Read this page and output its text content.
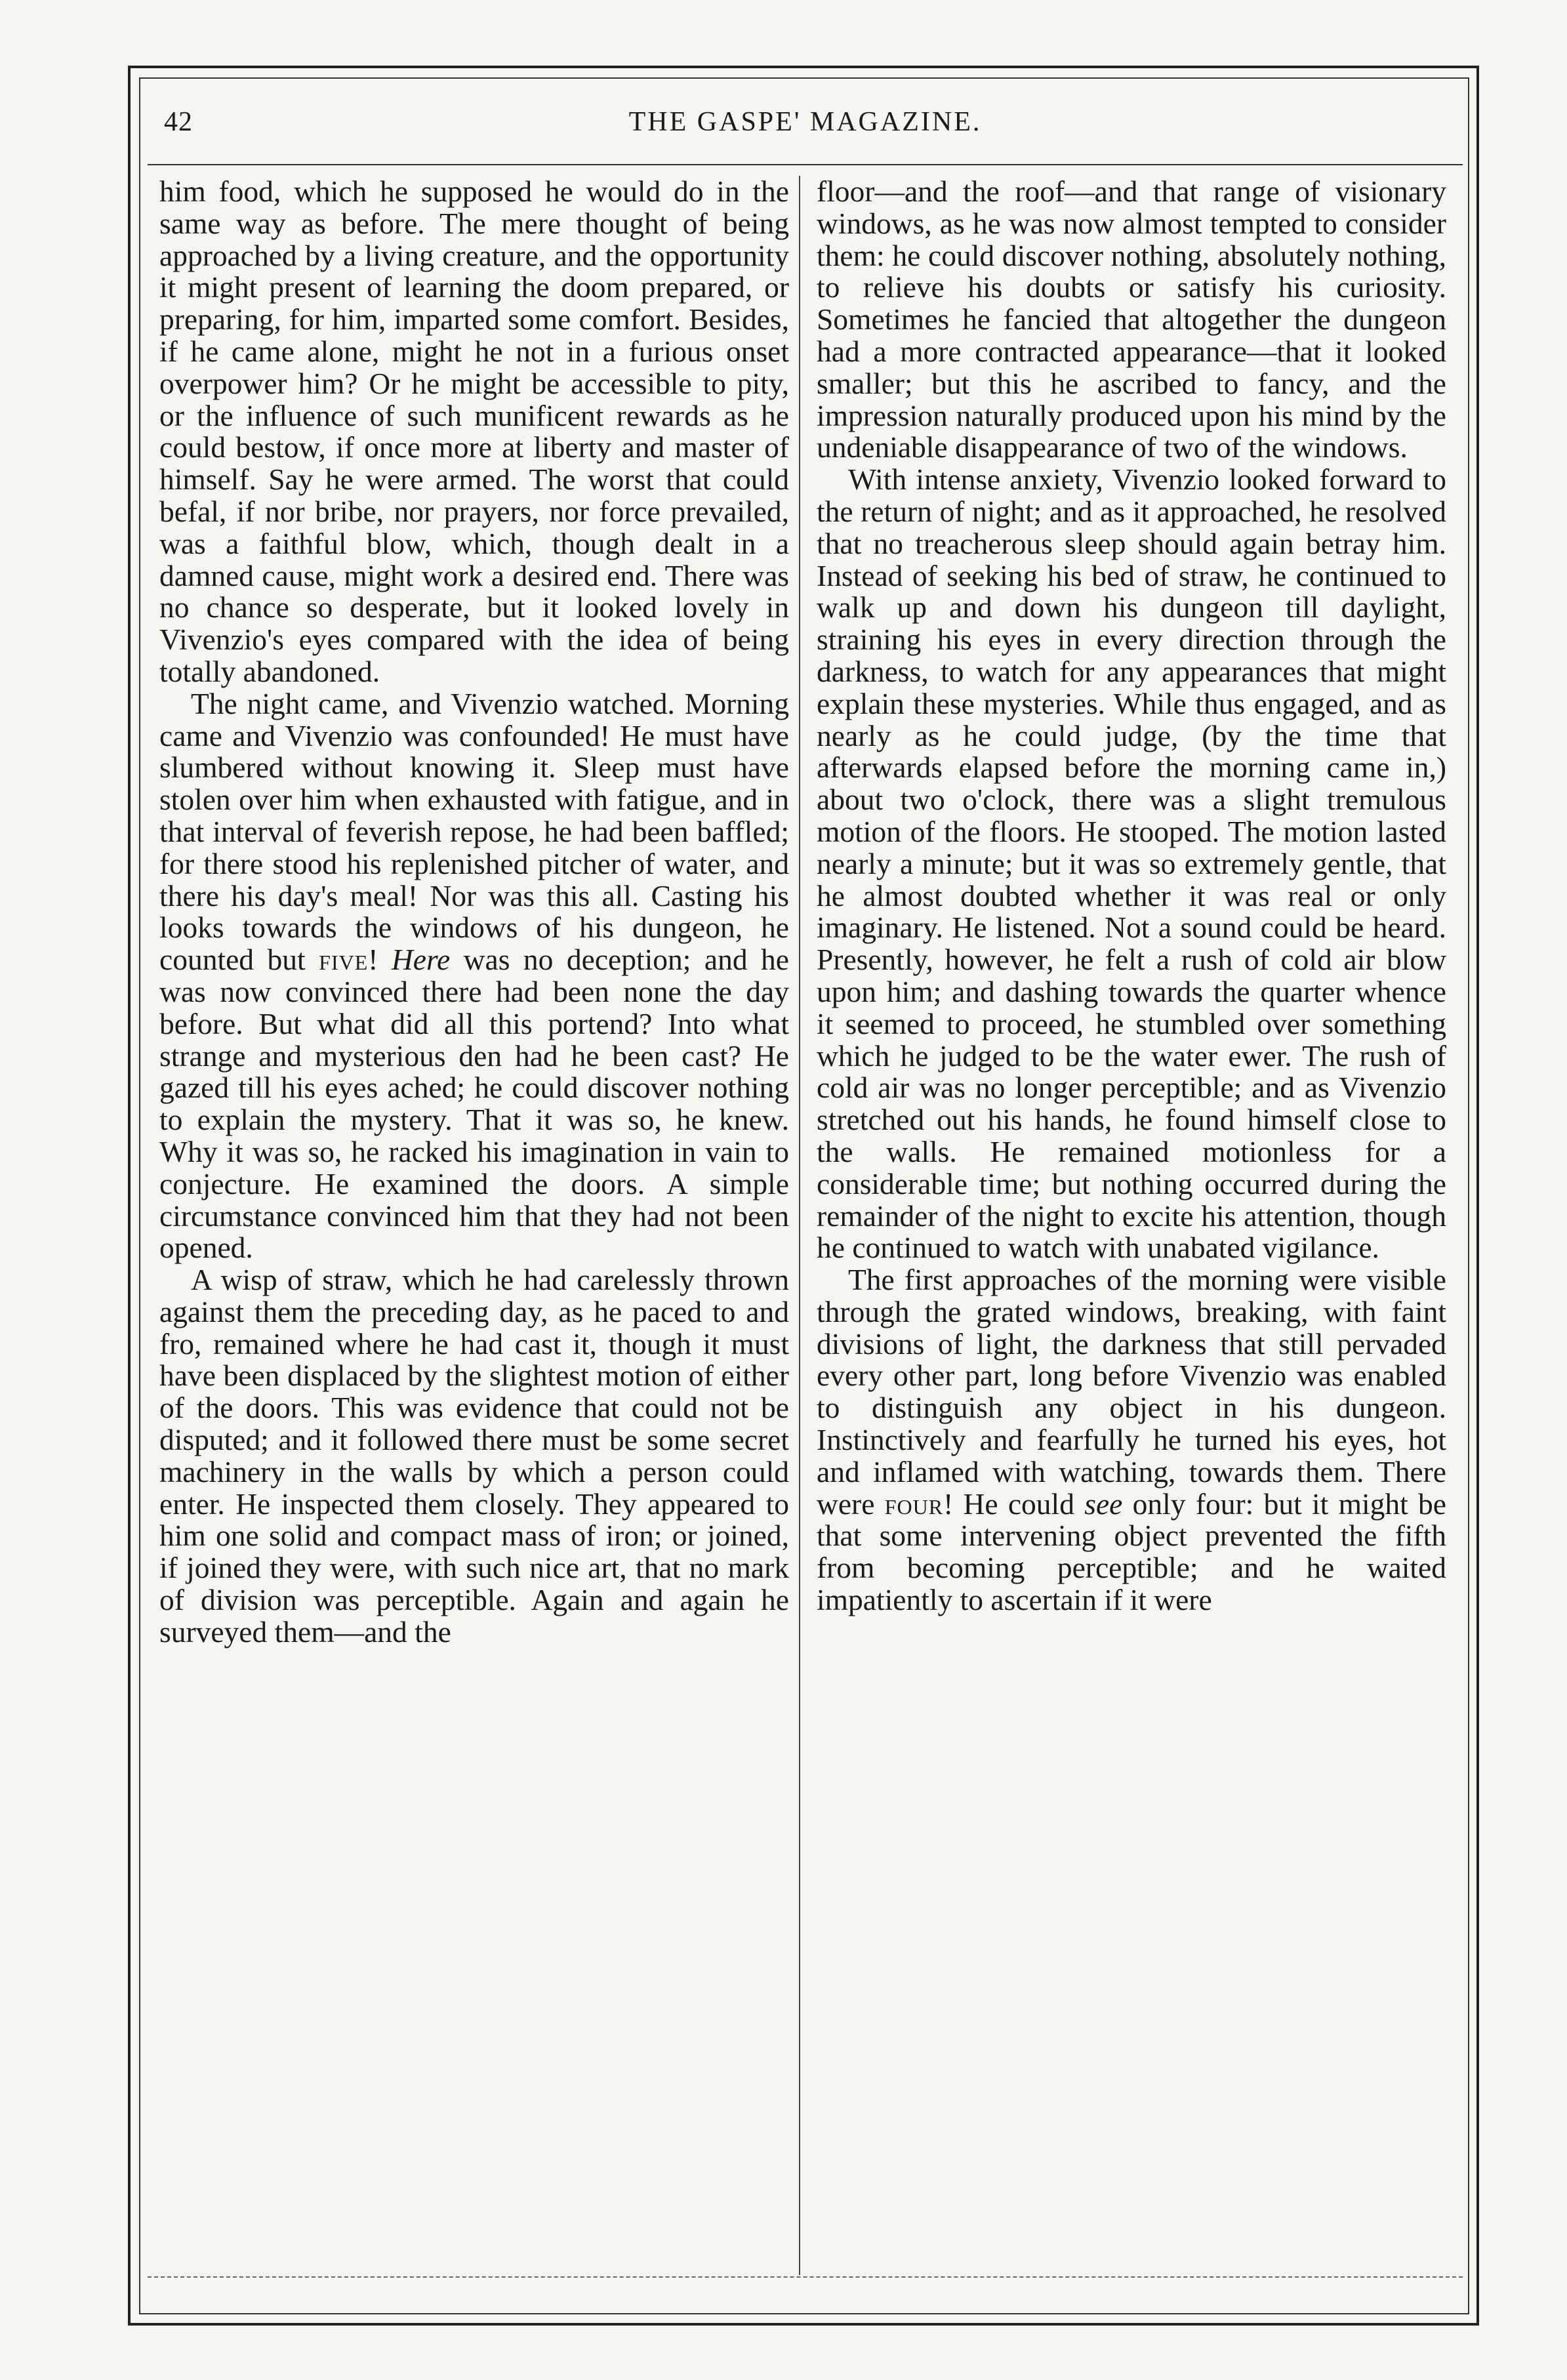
42	THE GASPE' MAGAZINE.

him food, which he supposed he would do in the same way as before. The mere thought of being approached by a living creature, and the opportunity it might present of learning the doom prepared, or preparing, for him, imparted some comfort. Besides, if he came alone, might he not in a furious onset overpower him? Or he might be accessible to pity, or the influence of such munificent rewards as he could bestow, if once more at liberty and master of himself. Say he were armed. The worst that could befal, if nor bribe, nor prayers, nor force prevailed, was a faithful blow, which, though dealt in a damned cause, might work a desired end. There was no chance so desperate, but it looked lovely in Vivenzio's eyes compared with the idea of being totally abandoned.

The night came, and Vivenzio watched. Morning came and Vivenzio was confounded! He must have slumbered without knowing it. Sleep must have stolen over him when exhausted with fatigue, and in that interval of feverish repose, he had been baffled; for there stood his replenished pitcher of water, and there his day's meal! Nor was this all. Casting his looks towards the windows of his dungeon, he counted but five! Here was no deception; and he was now convinced there had been none the day before. But what did all this portend? Into what strange and mysterious den had he been cast? He gazed till his eyes ached; he could discover nothing to explain the mystery. That it was so, he knew. Why it was so, he racked his imagination in vain to conjecture. He examined the doors. A simple circumstance convinced him that they had not been opened.

A wisp of straw, which he had carelessly thrown against them the preceding day, as he paced to and fro, remained where he had cast it, though it must have been displaced by the slightest motion of either of the doors. This was evidence that could not be disputed; and it followed there must be some secret machinery in the walls by which a person could enter. He inspected them closely. They appeared to him one solid and compact mass of iron; or joined, if joined they were, with such nice art, that no mark of division was perceptible. Again and again he surveyed them—and the

floor—and the roof—and that range of visionary windows, as he was now almost tempted to consider them: he could discover nothing, absolutely nothing, to relieve his doubts or satisfy his curiosity. Sometimes he fancied that altogether the dungeon had a more contracted appearance—that it looked smaller; but this he ascribed to fancy, and the impression naturally produced upon his mind by the undeniable disappearance of two of the windows.

With intense anxiety, Vivenzio looked forward to the return of night; and as it approached, he resolved that no treacherous sleep should again betray him. Instead of seeking his bed of straw, he continued to walk up and down his dungeon till daylight, straining his eyes in every direction through the darkness, to watch for any appearances that might explain these mysteries. While thus engaged, and as nearly as he could judge, (by the time that afterwards elapsed before the morning came in,) about two o'clock, there was a slight tremulous motion of the floors. He stooped. The motion lasted nearly a minute; but it was so extremely gentle, that he almost doubted whether it was real or only imaginary. He listened. Not a sound could be heard. Presently, however, he felt a rush of cold air blow upon him; and dashing towards the quarter whence it seemed to proceed, he stumbled over something which he judged to be the water ewer. The rush of cold air was no longer perceptible; and as Vivenzio stretched out his hands, he found himself close to the walls. He remained motionless for a considerable time; but nothing occurred during the remainder of the night to excite his attention, though he continued to watch with unabated vigilance.

The first approaches of the morning were visible through the grated windows, breaking, with faint divisions of light, the darkness that still pervaded every other part, long before Vivenzio was enabled to distinguish any object in his dungeon. Instinctively and fearfully he turned his eyes, hot and inflamed with watching, towards them. There were four! He could see only four: but it might be that some intervening object prevented the fifth from becoming perceptible; and he waited impatiently to ascertain if it were
